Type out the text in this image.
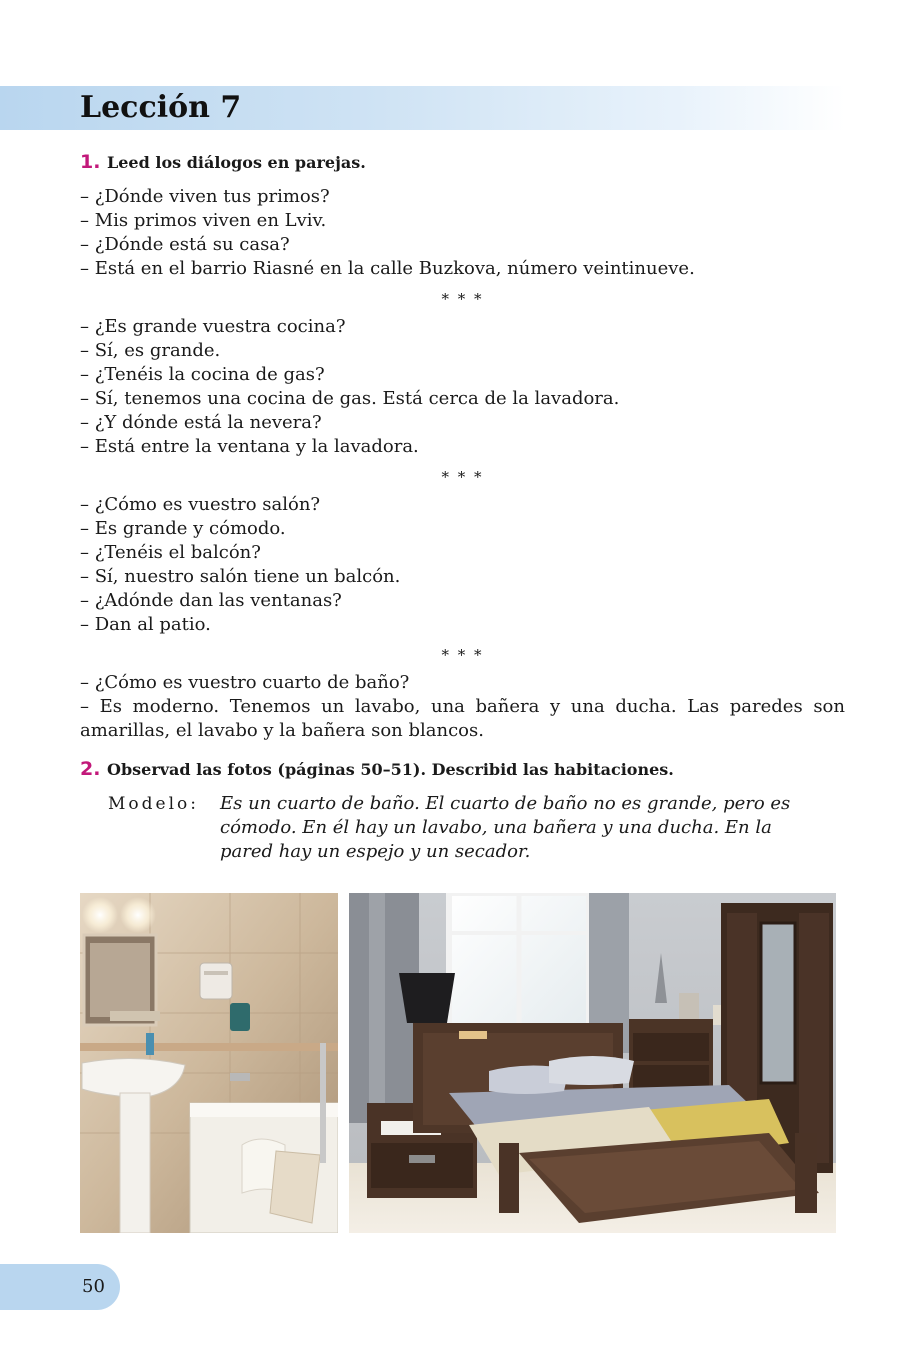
Lección 7
1. Leed los diálogos en parejas.

– ¿Dónde viven tus primos?

– Mis primos viven en Lviv.

– ¿Dónde está su casa?

– Está en el barrio Riasné en la calle Buzkova, número veintinueve.

* * *

– ¿Es grande vuestra cocina?

– Sí, es grande.

– ¿Tenéis la cocina de gas?

– Sí, tenemos una cocina de gas. Está cerca de la lavadora.

– ¿Y dónde está la nevera?

– Está entre la ventana y la lavadora.

* * *

– ¿Cómo es vuestro salón?

– Es grande y cómodo.

– ¿Tenéis el balcón?

– Sí, nuestro salón tiene un balcón.

– ¿Adónde dan las ventanas?

– Dan al patio.

* * *

– ¿Cómo es vuestro cuarto de baño?

– Es moderno. Tenemos un lavabo, una bañera y una ducha. Las paredes son amarillas, el lavabo y la bañera son blancos.

2. Observad las fotos (páginas 50–51). Describid las habitaciones.
Modelo:	Es un cuarto de baño. El cuarto de baño no es grande, pero es cómodo. En él hay un lavabo, una bañera y una ducha. En la pared hay un espejo y un secador.
50
